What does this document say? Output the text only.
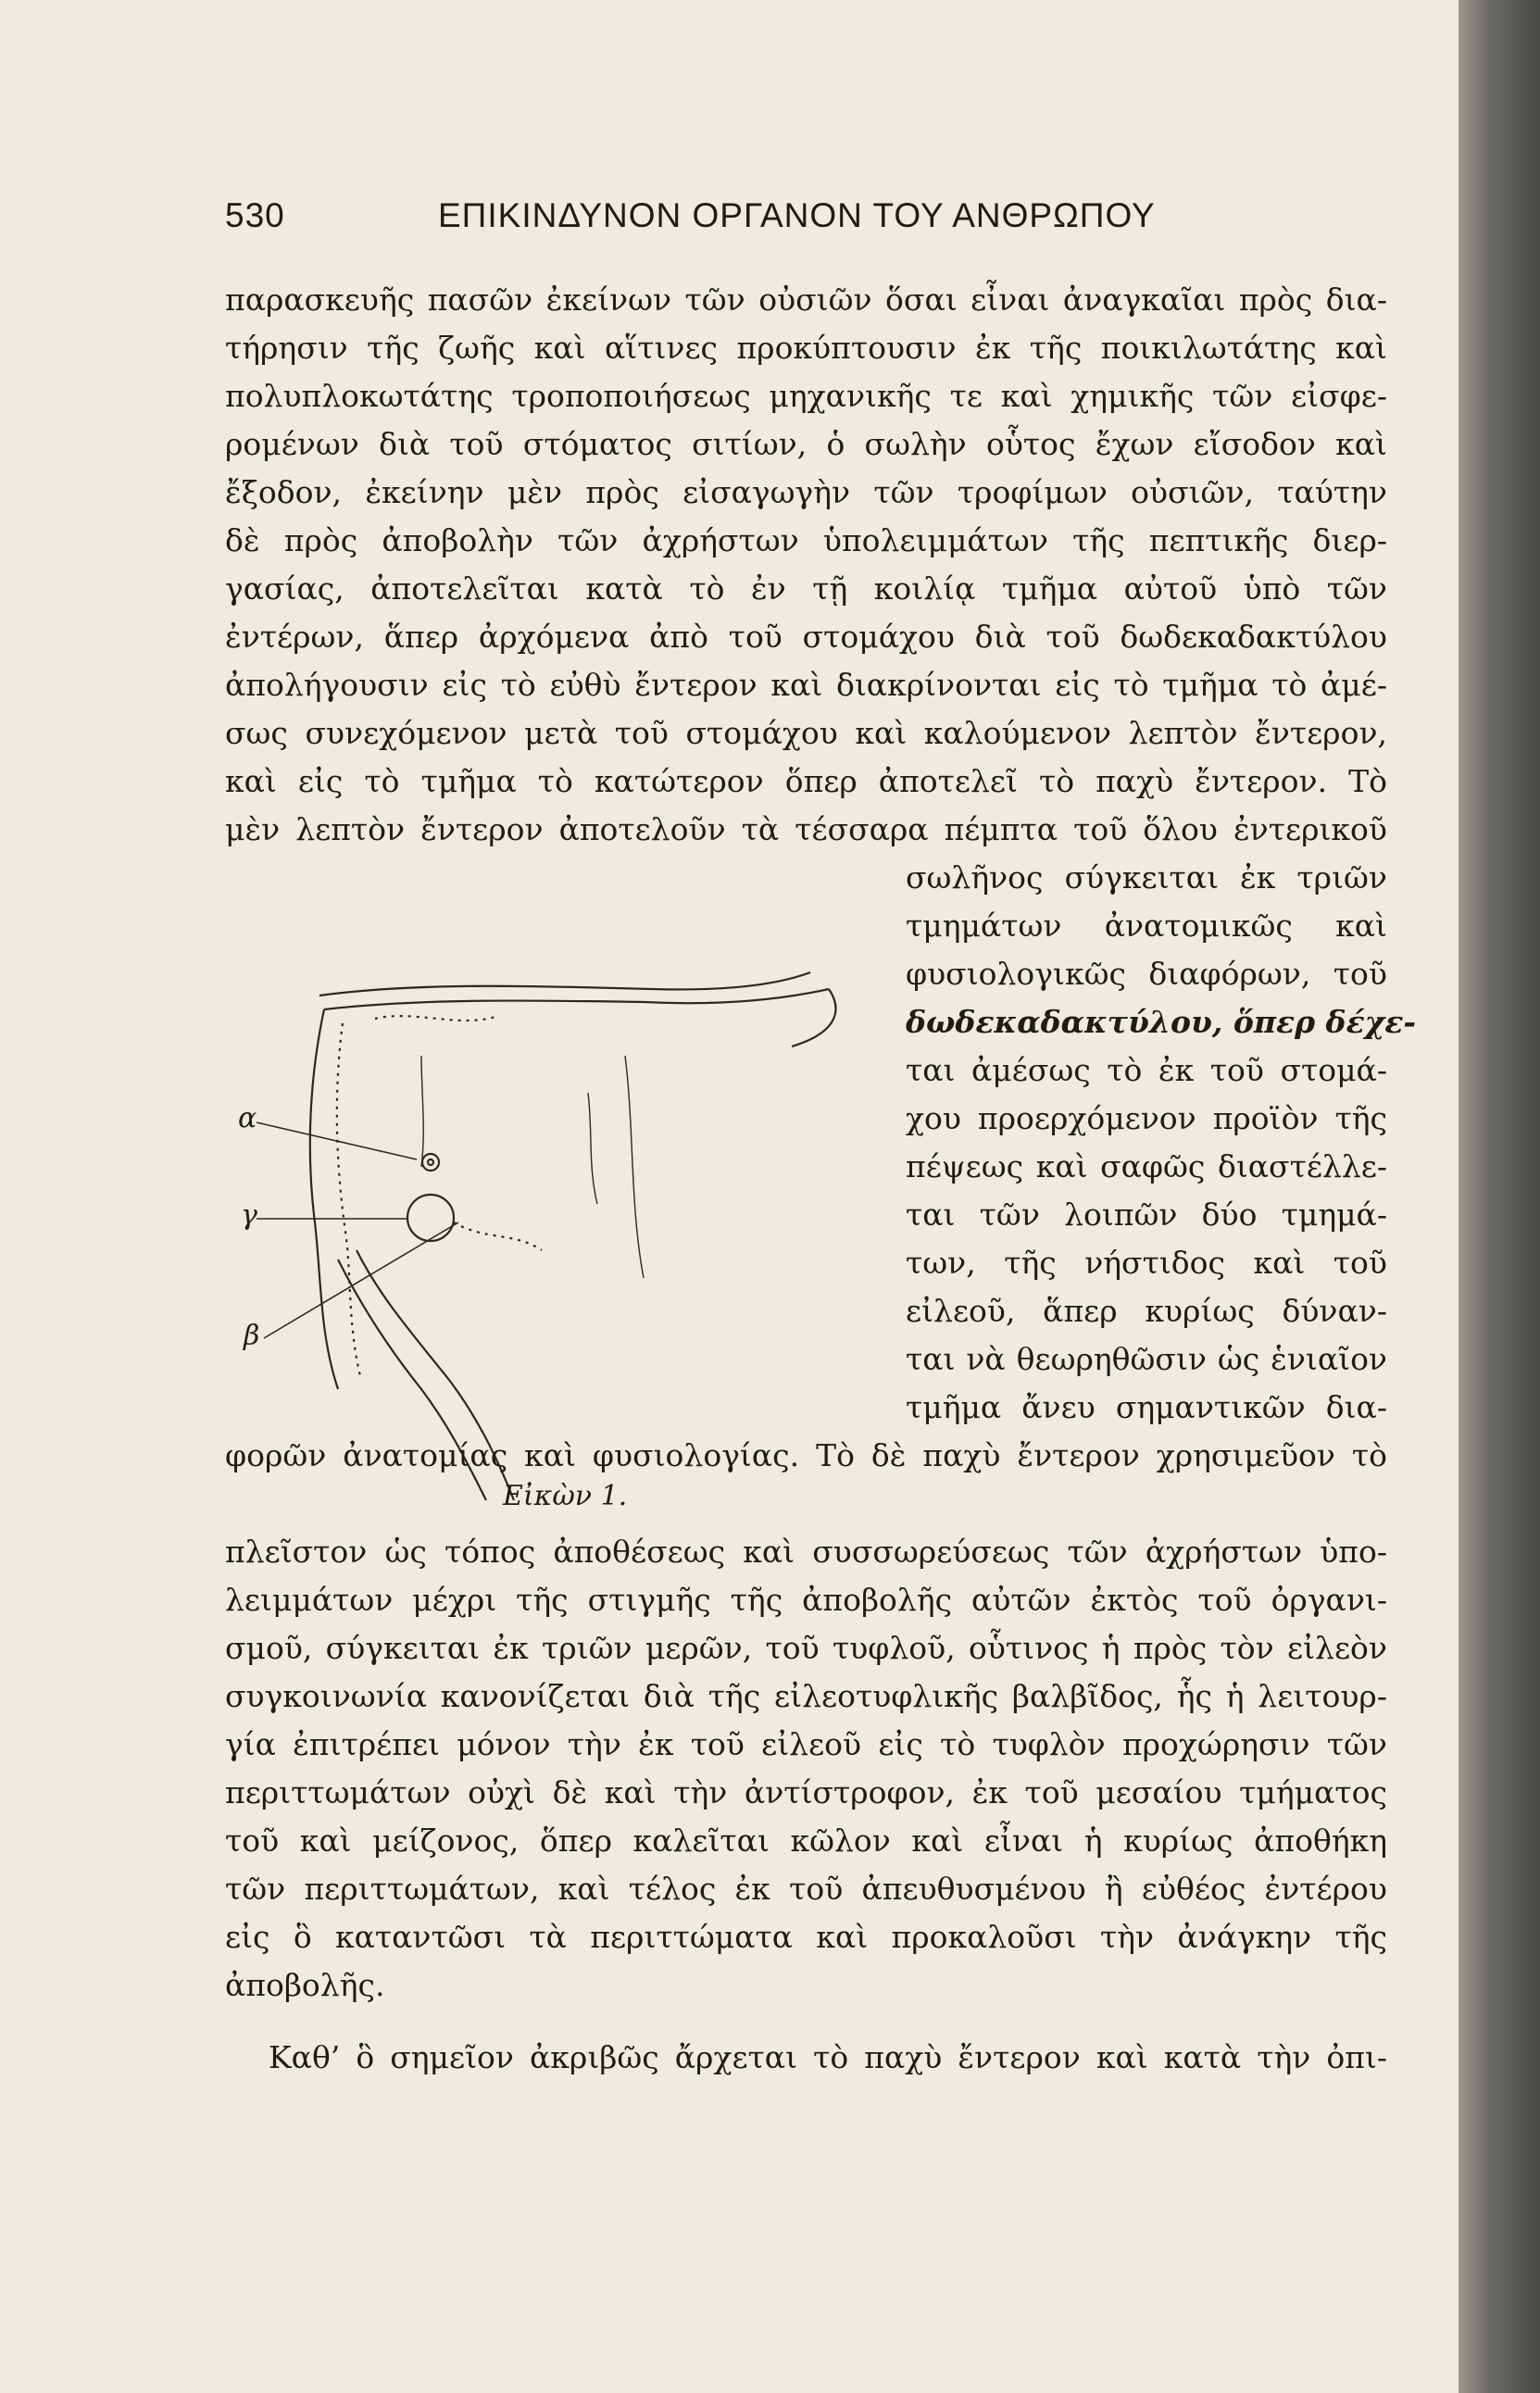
530	ΕΠΙΚΙΝΔΥΝΟΝ ΟΡΓΑΝΟΝ ΤΟΥ ΑΝΘΡΩΠΟΥ
παρασκευῆς πασῶν ἐκείνων τῶν οὐσιῶν ὅσαι εἶναι ἀναγκαῖαι πρὸς δια-
τήρησιν τῆς ζωῆς καὶ αἵτινες προκύπτουσιν ἐκ τῆς ποικιλωτάτης καὶ
πολυπλοκωτάτης τροποποιήσεως μηχανικῆς τε καὶ χημικῆς τῶν εἰσφε-
ρομένων διὰ τοῦ στόματος σιτίων, ὁ σωλὴν οὗτος ἔχων εἴσοδον καὶ
ἔξοδον, ἐκείνην μὲν πρὸς εἰσαγωγὴν τῶν τροφίμων οὐσιῶν, ταύτην
δὲ πρὸς ἀποβολὴν τῶν ἀχρήστων ὑπολειμμάτων τῆς πεπτικῆς διερ-
γασίας, ἀποτελεῖται κατὰ τὸ ἐν τῇ κοιλίᾳ τμῆμα αὐτοῦ ὑπὸ τῶν
ἐντέρων, ἅπερ ἀρχόμενα ἀπὸ τοῦ στομάχου διὰ τοῦ δωδεκαδακτύλου
ἀπολήγουσιν εἰς τὸ εὐθὺ ἔντερον καὶ διακρίνονται εἰς τὸ τμῆμα τὸ ἀμέ-
σως συνεχόμενον μετὰ τοῦ στομάχου καὶ καλούμενον λεπτὸν ἔντερον,
καὶ εἰς τὸ τμῆμα τὸ κατώτερον ὅπερ ἀποτελεῖ τὸ παχὺ ἔντερον. Τὸ
μὲν λεπτὸν ἔντερον ἀποτελοῦν τὰ τέσσαρα πέμπτα τοῦ ὅλου ἐντερικοῦ
σωλῆνος σύγκειται ἐκ τριῶν
τμημάτων ἀνατομικῶς καὶ
φυσιολογικῶς διαφόρων, τοῦ
δωδεκαδακτύλου, ὅπερ δέχε-
ται ἀμέσως τὸ ἐκ τοῦ στομά-
χου προερχόμενον προϊὸν τῆς
πέψεως καὶ σαφῶς διαστέλλε-
ται τῶν λοιπῶν δύο τμημά-
των, τῆς νήστιδος καὶ τοῦ
εἰλεοῦ, ἅπερ κυρίως δύναν-
ται νὰ θεωρηθῶσιν ὡς ἑνιαῖον
τμῆμα ἄνευ σημαντικῶν δια-
α
γ
β
Εἰκὼν 1.
φορῶν ἀνατομίας καὶ φυσιολογίας. Τὸ δὲ παχὺ ἔντερον χρησιμεῦον τὸ
πλεῖστον ὡς τόπος ἀποθέσεως καὶ συσσωρεύσεως τῶν ἀχρήστων ὑπο-
λειμμάτων μέχρι τῆς στιγμῆς τῆς ἀποβολῆς αὐτῶν ἐκτὸς τοῦ ὀργανι-
σμοῦ, σύγκειται ἐκ τριῶν μερῶν, τοῦ τυφλοῦ, οὗτινος ἡ πρὸς τὸν εἰλεὸν
συγκοινωνία κανονίζεται διὰ τῆς εἰλεοτυφλικῆς βαλβῖδος, ἧς ἡ λειτουρ-
γία ἐπιτρέπει μόνον τὴν ἐκ τοῦ εἰλεοῦ εἰς τὸ τυφλὸν προχώρησιν τῶν
περιττωμάτων οὐχὶ δὲ καὶ τὴν ἀντίστροφον, ἐκ τοῦ μεσαίου τμήματος
τοῦ καὶ μείζονος, ὅπερ καλεῖται κῶλον καὶ εἶναι ἡ κυρίως ἀποθήκη
τῶν περιττωμάτων, καὶ τέλος ἐκ τοῦ ἀπευθυσμένου ἢ εὐθέος ἐντέρου
εἰς ὃ καταντῶσι τὰ περιττώματα καὶ προκαλοῦσι τὴν ἀνάγκην τῆς
ἀποβολῆς.
Καθ’ ὃ σημεῖον ἀκριβῶς ἄρχεται τὸ παχὺ ἔντερον καὶ κατὰ τὴν ὀπι-
